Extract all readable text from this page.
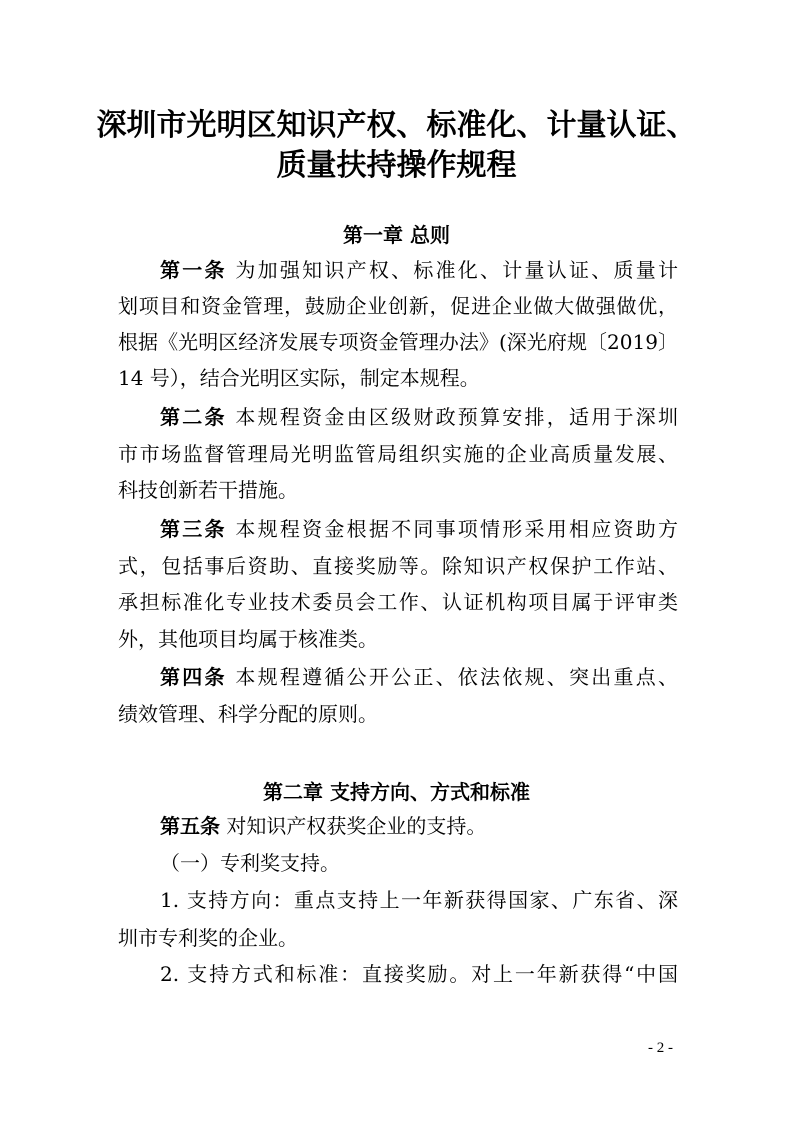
深圳市光明区知识产权、标准化、计量认证、
质量扶持操作规程
第一章 总则
第一条 为加强知识产权、标准化、计量认证、质量计
划项目和资金管理，鼓励企业创新，促进企业做大做强做优，
根据《光明区经济发展专项资金管理办法》(深光府规〔2019〕
14 号），结合光明区实际，制定本规程。
第二条 本规程资金由区级财政预算安排，适用于深圳
市市场监督管理局光明监管局组织实施的企业高质量发展、
科技创新若干措施。
第三条 本规程资金根据不同事项情形采用相应资助方
式，包括事后资助、直接奖励等。除知识产权保护工作站、
承担标准化专业技术委员会工作、认证机构项目属于评审类
外，其他项目均属于核准类。
第四条 本规程遵循公开公正、依法依规、突出重点、
绩效管理、科学分配的原则。
第二章 支持方向、方式和标准
第五条 对知识产权获奖企业的支持。
（一）专利奖支持。
1. 支持方向：重点支持上一年新获得国家、广东省、深
圳市专利奖的企业。
2. 支持方式和标准：直接奖励。对上一年新获得“中国
- 2 -
